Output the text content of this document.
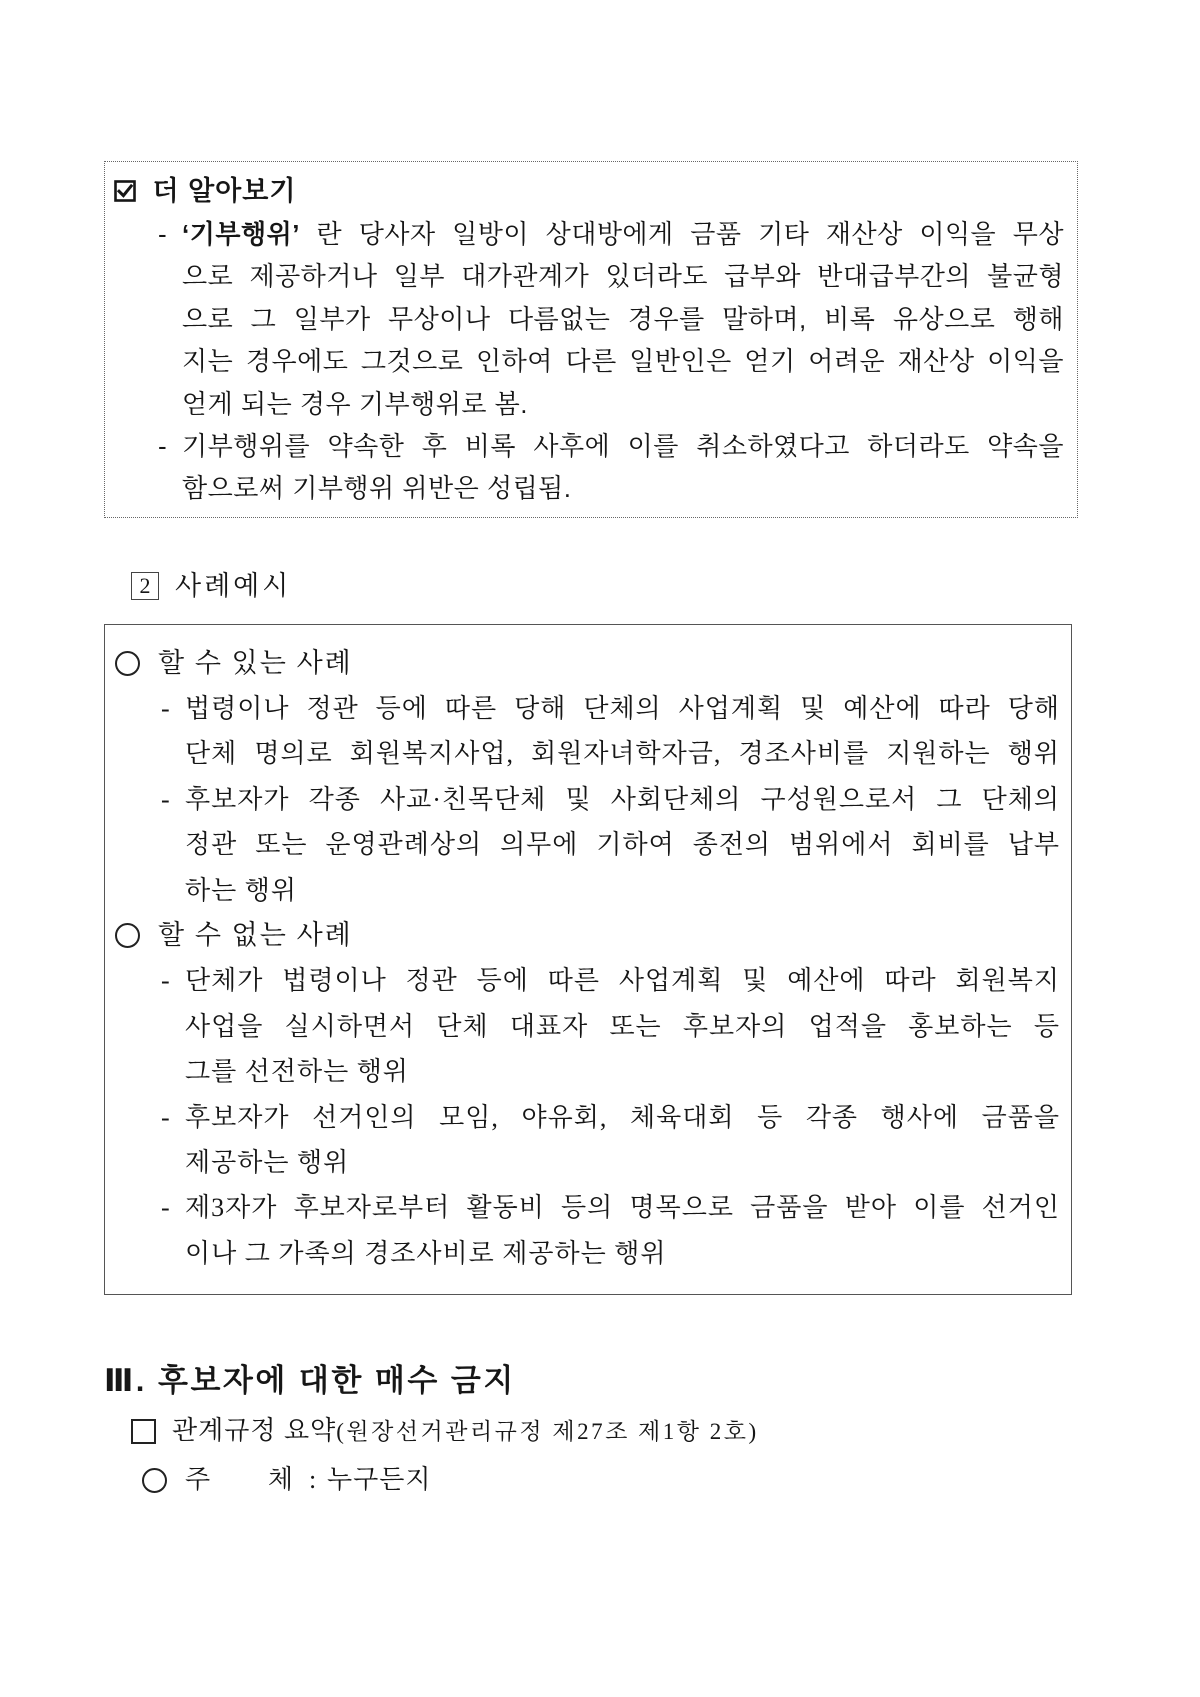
더 알아보기
- ‘기부행위’ 란 당사자 일방이 상대방에게 금품 기타 재산상 이익을 무상
으로 제공하거나 일부 대가관계가 있더라도 급부와 반대급부간의 불균형
으로 그 일부가 무상이나 다름없는 경우를 말하며, 비록 유상으로 행해
지는 경우에도 그것으로 인하여 다른 일반인은 얻기 어려운 재산상 이익을
얻게 되는 경우 기부행위로 봄.
- 기부행위를 약속한 후 비록 사후에 이를 취소하였다고 하더라도 약속을
함으로써 기부행위 위반은 성립됨.
2 사례예시
할 수 있는 사례
- 법령이나 정관 등에 따른 당해 단체의 사업계획 및 예산에 따라 당해
단체 명의로 회원복지사업, 회원자녀학자금, 경조사비를 지원하는 행위
- 후보자가 각종 사교·친목단체 및 사회단체의 구성원으로서 그 단체의
정관 또는 운영관례상의 의무에 기하여 종전의 범위에서 회비를 납부
하는 행위
할 수 없는 사례
- 단체가 법령이나 정관 등에 따른 사업계획 및 예산에 따라 회원복지
사업을 실시하면서 단체 대표자 또는 후보자의 업적을 홍보하는 등
그를 선전하는 행위
- 후보자가 선거인의 모임, 야유회, 체육대회 등 각종 행사에 금품을
제공하는 행위
- 제3자가 후보자로부터 활동비 등의 명목으로 금품을 받아 이를 선거인
이나 그 가족의 경조사비로 제공하는 행위
Ⅲ. 후보자에 대한 매수 금지
관계규정 요약(원장선거관리규정 제27조 제1항 2호)
주 체 : 누구든지
